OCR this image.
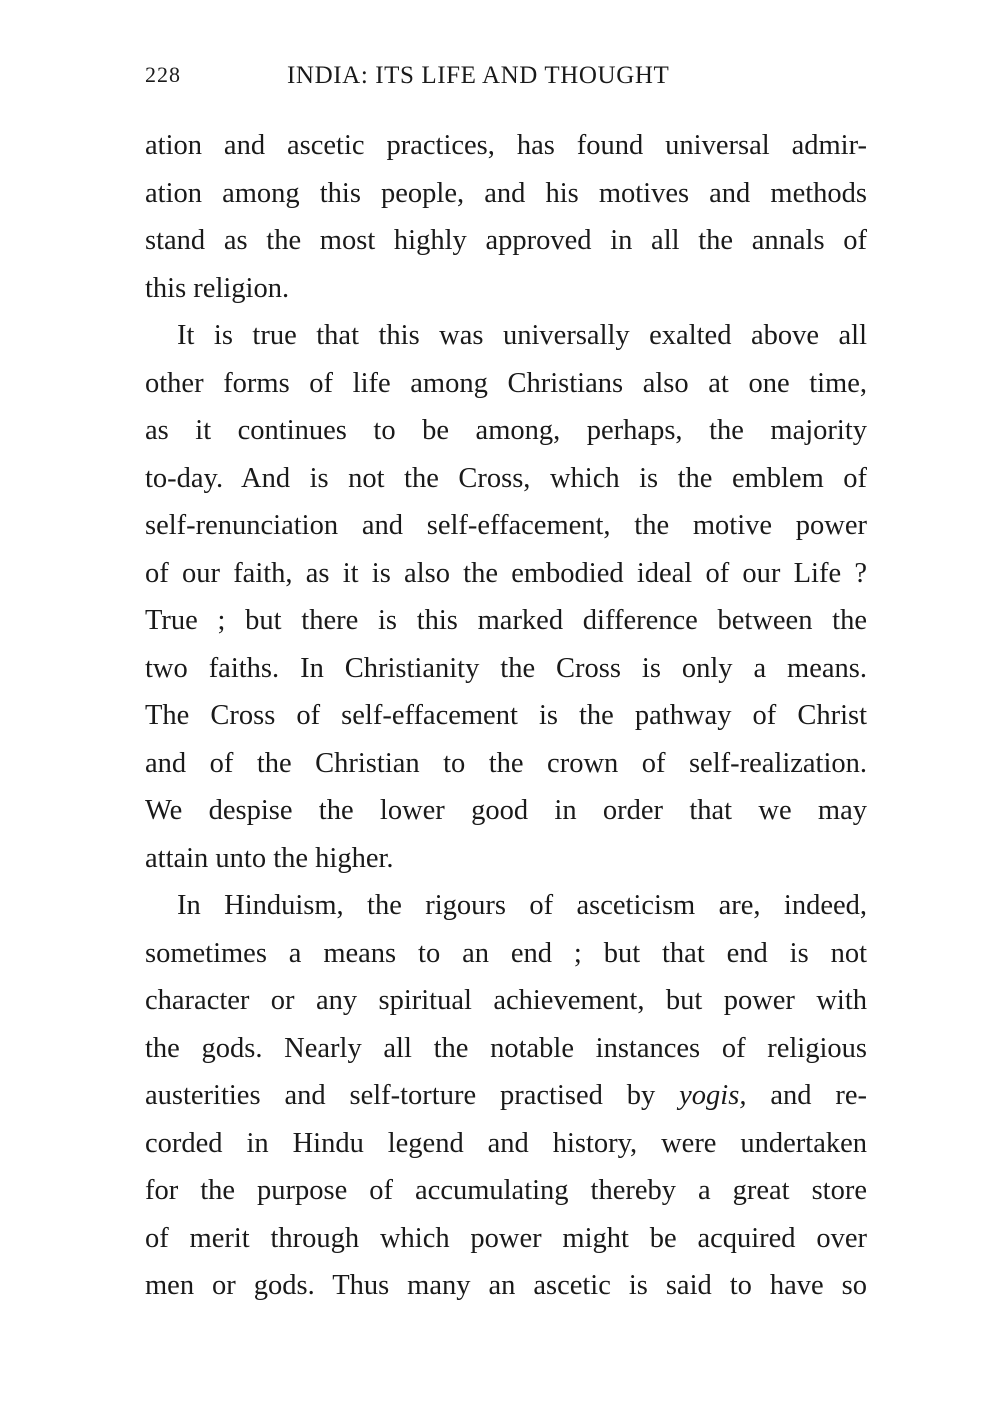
228	INDIA: ITS LIFE AND THOUGHT
ation and ascetic practices, has found universal admir-
ation among this people, and his motives and methods
stand as the most highly approved in all the annals of
this religion.
It is true that this was universally exalted above all
other forms of life among Christians also at one time,
as it continues to be among, perhaps, the majority
to-day. And is not the Cross, which is the emblem of
self-renunciation and self-effacement, the motive power
of our faith, as it is also the embodied ideal of our Life ?
True ; but there is this marked difference between the
two faiths. In Christianity the Cross is only a means.
The Cross of self-effacement is the pathway of Christ
and of the Christian to the crown of self-realization.
We despise the lower good in order that we may
attain unto the higher.
In Hinduism, the rigours of asceticism are, indeed,
sometimes a means to an end ; but that end is not
character or any spiritual achievement, but power with
the gods. Nearly all the notable instances of religious
austerities and self-torture practised by yogis, and re-
corded in Hindu legend and history, were undertaken
for the purpose of accumulating thereby a great store
of merit through which power might be acquired over
men or gods. Thus many an ascetic is said to have so
